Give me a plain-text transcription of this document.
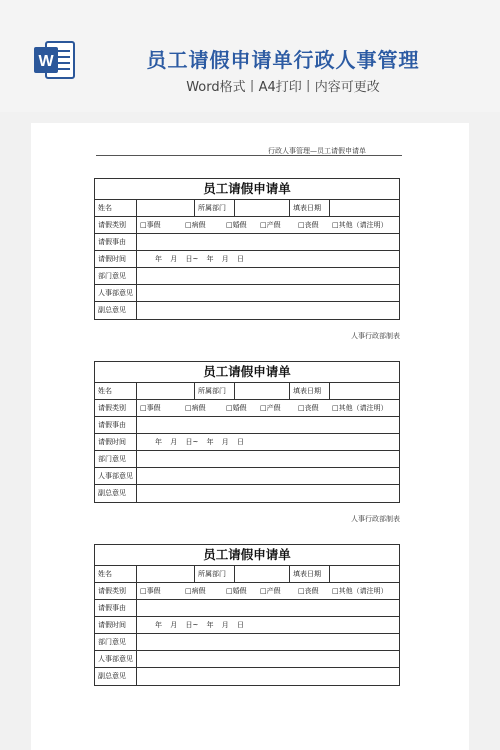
W	员工请假申请单行政人事管理
Word格式丨A4打印丨内容可更改
行政人事管理—员工请假申请单
员工请假申请单
姓名	所属部门	填表日期
请假类别	□事假	□病假	□婚假	□产假	□丧假	□其他（请注明）
请假事由
请假时间	年 月 日~ 年 月 日
部门意见
人事部意见
副总意见
人事行政部制表
员工请假申请单
姓名	所属部门	填表日期
请假类别	□事假	□病假	□婚假	□产假	□丧假	□其他（请注明）
请假事由
请假时间	年 月 日~ 年 月 日
部门意见
人事部意见
副总意见
人事行政部制表
员工请假申请单
姓名	所属部门	填表日期
请假类别	□事假	□病假	□婚假	□产假	□丧假	□其他（请注明）
请假事由
请假时间	年 月 日~ 年 月 日
部门意见
人事部意见
副总意见
